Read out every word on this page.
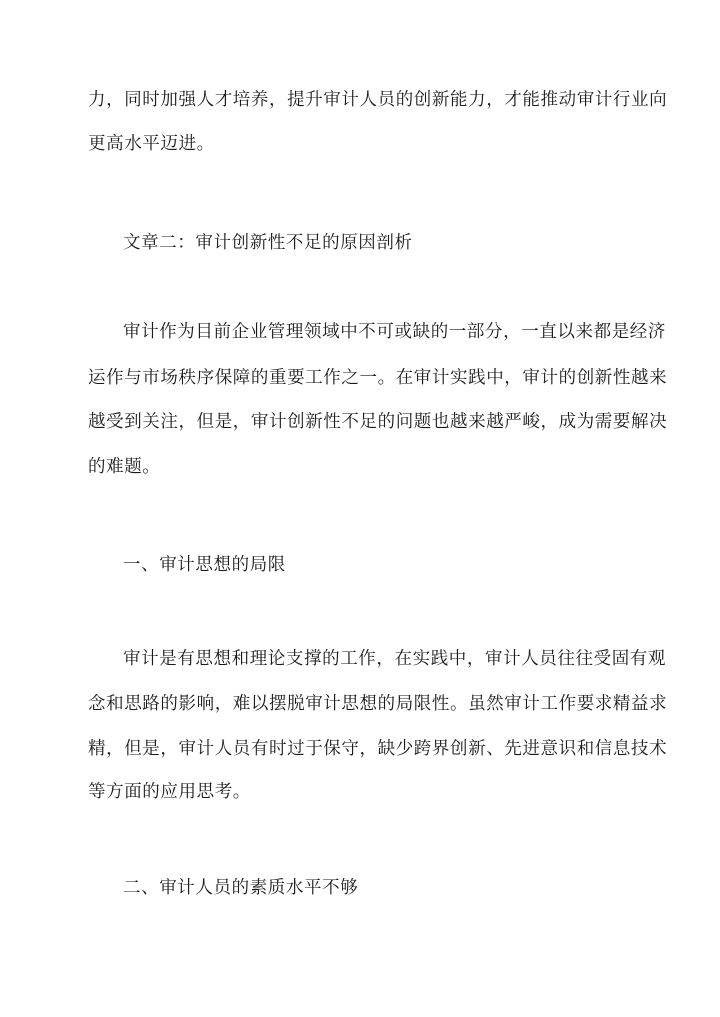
力，同时加强人才培养，提升审计人员的创新能力，才能推动审计行业向
更高水平迈进。
文章二：审计创新性不足的原因剖析
审计作为目前企业管理领域中不可或缺的一部分，一直以来都是经济
运作与市场秩序保障的重要工作之一。在审计实践中，审计的创新性越来
越受到关注，但是，审计创新性不足的问题也越来越严峻，成为需要解决
的难题。
一、审计思想的局限
审计是有思想和理论支撑的工作，在实践中，审计人员往往受固有观
念和思路的影响，难以摆脱审计思想的局限性。虽然审计工作要求精益求
精，但是，审计人员有时过于保守，缺少跨界创新、先进意识和信息技术
等方面的应用思考。
二、审计人员的素质水平不够
